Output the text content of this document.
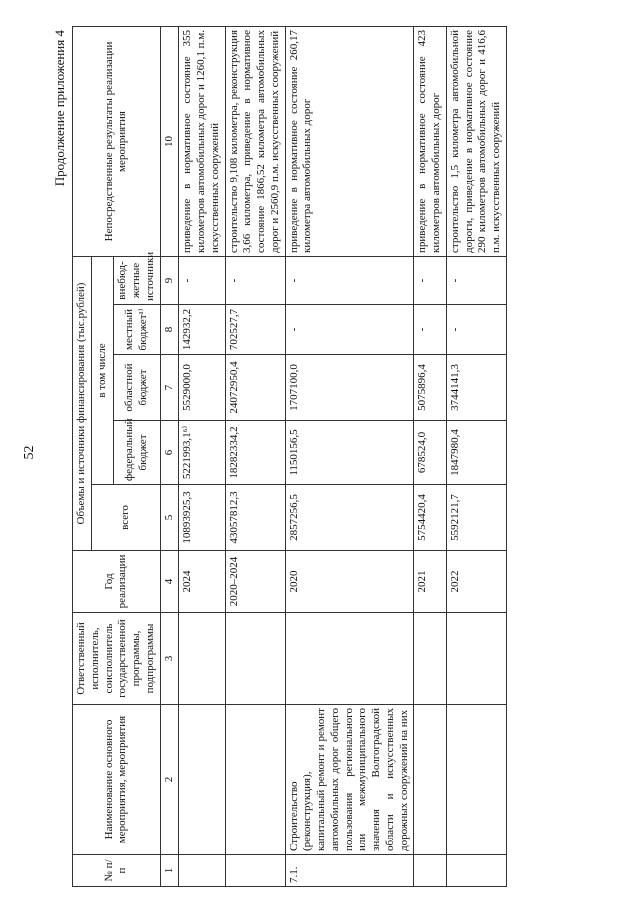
52
Продолжение приложения 4
№ п/п	Наименование основного мероприятия, мероприятия	Ответственный исполнитель, соисполнитель государственной программы, подпрограммы	Год реализации	Объемы и источники финансирования (тыс.рублей)					Непосредственные результаты реализации мероприятия
				всего	в том числе				
					федеральный бюджет	областной бюджет	местный бюджет¹⁾	внебюд-жетные источники	
1	2	3	4	5	6	7	8	9	10
			2024	10893925,3	5221993,1⁶⁾	5529000,0	142932,2	-	приведение в нормативное состояние 355 километров автомобильных дорог и 1260,1 п.м. искусственных сооружений
			2020–2024	43057812,3	18282334,2	24072950,4	702527,7	-	строительство 9,108 километра, реконструкция 3,66 километра, приведение в нормативное состояние 1866,52 километра автомобильных дорог и 2560,9 п.м. искусственных сооружений
7.1.	Строительство (реконструкция), капитальный ремонт и ремонт автомобильных дорог общего пользования регионального или межмуниципального значения Волгоградской области и искусственных дорожных сооружений на них		2020	2857256,5	1150156,5	1707100,0	-	-	приведение в нормативное состояние 260,17 километра автомобильных дорог
			2021	5754420,4	678524,0	5075896,4	-	-	приведение в нормативное состояние 423 километров автомобильных дорог
			2022	5592121,7	1847980,4	3744141,3	-	-	строительство 1,5 километра автомобильной дороги, приведение в нормативное состояние 290 километров автомобильных дорог и 416,6 п.м. искусственных сооружений
